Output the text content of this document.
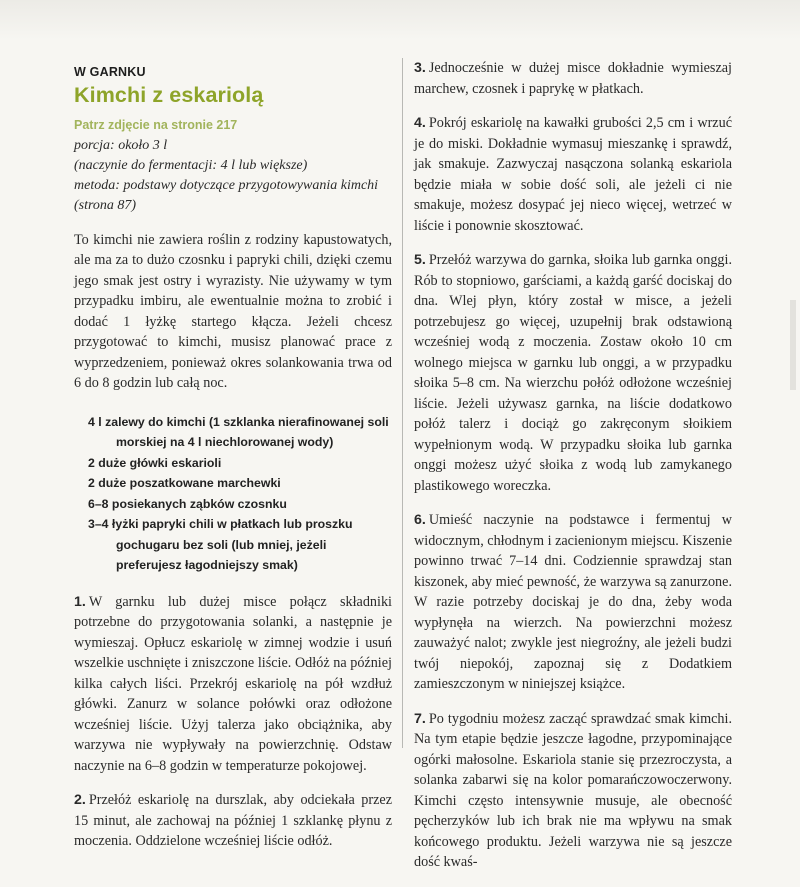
W GARNKU
Kimchi z eskariolą
Patrz zdjęcie na stronie 217
porcja: około 3 l
(naczynie do fermentacji: 4 l lub większe)
metoda: podstawy dotyczące przygotowywania kimchi
(strona 87)

To kimchi nie zawiera roślin z rodziny kapustowatych, ale ma za to dużo czosnku i papryki chili, dzięki czemu jego smak jest ostry i wyrazisty. Nie używamy w tym przypadku imbiru, ale ewentualnie można to zrobić i dodać 1 łyżkę startego kłącza. Jeżeli chcesz przygotować to kimchi, musisz planować prace z wyprzedzeniem, ponieważ okres solankowania trwa od 6 do 8 godzin lub całą noc.

4 l zalewy do kimchi (1 szklanka nierafinowanej soli morskiej na 4 l niechlorowanej wody)
2 duże główki eskarioli
2 duże poszatkowane marchewki
6–8 posiekanych ząbków czosnku
3–4 łyżki papryki chili w płatkach lub proszku gochugaru bez soli (lub mniej, jeżeli preferujesz łagodniejszy smak)

1. W garnku lub dużej misce połącz składniki potrzebne do przygotowania solanki, a następnie je wymieszaj. Opłucz eskariolę w zimnej wodzie i usuń wszelkie uschnięte i zniszczone liście. Odłóż na później kilka całych liści. Przekrój eskariolę na pół wzdłuż główki. Zanurz w solance połówki oraz odłożone wcześniej liście. Użyj talerza jako obciążnika, aby warzywa nie wypływały na powierzchnię. Odstaw naczynie na 6–8 godzin w temperaturze pokojowej.

2. Przełóż eskariolę na durszlak, aby odciekała przez 15 minut, ale zachowaj na później 1 szklankę płynu z moczenia. Oddzielone wcześniej liście odłóż.

3. Jednocześnie w dużej misce dokładnie wymieszaj marchew, czosnek i paprykę w płatkach.

4. Pokrój eskariolę na kawałki grubości 2,5 cm i wrzuć je do miski. Dokładnie wymasuj mieszankę i sprawdź, jak smakuje. Zazwyczaj nasączona solanką eskariola będzie miała w sobie dość soli, ale jeżeli ci nie smakuje, możesz dosypać jej nieco więcej, wetrzeć w liście i ponownie skosztować.

5. Przełóż warzywa do garnka, słoika lub garnka onggi. Rób to stopniowo, garściami, a każdą garść dociskaj do dna. Wlej płyn, który został w misce, a jeżeli potrzebujesz go więcej, uzupełnij brak odstawioną wcześniej wodą z moczenia. Zostaw około 10 cm wolnego miejsca w garnku lub onggi, a w przypadku słoika 5–8 cm. Na wierzchu połóż odłożone wcześniej liście. Jeżeli używasz garnka, na liście dodatkowo połóż talerz i dociąż go zakręconym słoikiem wypełnionym wodą. W przypadku słoika lub garnka onggi możesz użyć słoika z wodą lub zamykanego plastikowego woreczka.

6. Umieść naczynie na podstawce i fermentuj w widocznym, chłodnym i zacienionym miejscu. Kiszenie powinno trwać 7–14 dni. Codziennie sprawdzaj stan kiszonek, aby mieć pewność, że warzywa są zanurzone. W razie potrzeby dociskaj je do dna, żeby woda wypłynęła na wierzch. Na powierzchni możesz zauważyć nalot; zwykle jest niegroźny, ale jeżeli budzi twój niepokój, zapoznaj się z Dodatkiem zamieszczonym w niniejszej książce.

7. Po tygodniu możesz zacząć sprawdzać smak kimchi. Na tym etapie będzie jeszcze łagodne, przypominające ogórki małosolne. Eskariola stanie się przezroczysta, a solanka zabarwi się na kolor pomarańczowoczerwony. Kimchi często intensywnie musuje, ale obecność pęcherzyków lub ich brak nie ma wpływu na smak końcowego produktu. Jeżeli warzywa nie są jeszcze dość kwaś-
